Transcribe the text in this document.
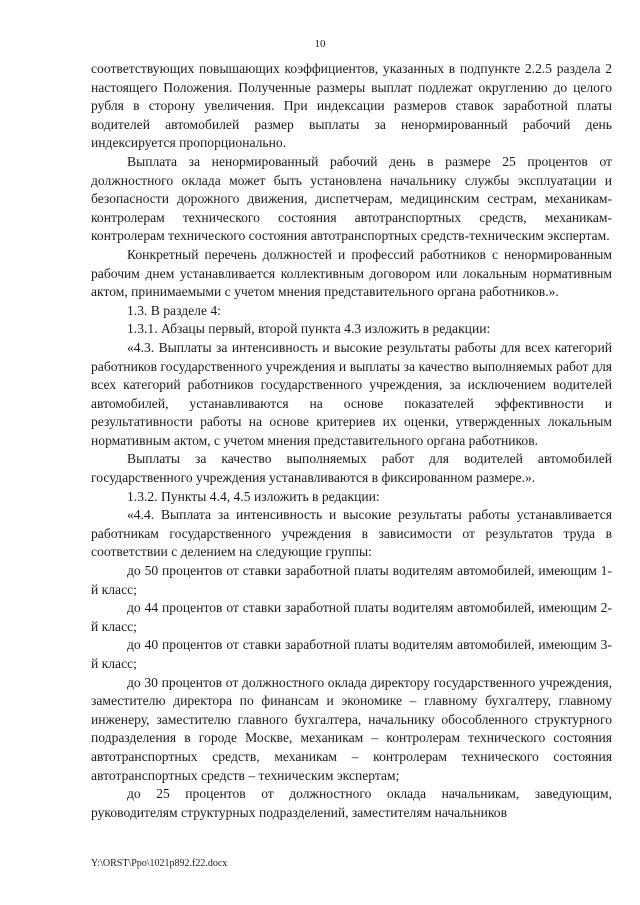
10

соответствующих повышающих коэффициентов, указанных в подпункте 2.2.5 раздела 2 настоящего Положения. Полученные размеры выплат подлежат округлению до целого рубля в сторону увеличения. При индексации размеров ставок заработной платы водителей автомобилей размер выплаты за ненормированный рабочий день индексируется пропорционально.

Выплата за ненормированный рабочий день в размере 25 процентов от должностного оклада может быть установлена начальнику службы эксплуатации и безопасности дорожного движения, диспетчерам, медицинским сестрам, механикам-контролерам технического состояния автотранспортных средств, механикам-контролерам технического состояния автотранспортных средств-техническим экспертам.

Конкретный перечень должностей и профессий работников с ненормированным рабочим днем устанавливается коллективным договором или локальным нормативным актом, принимаемыми с учетом мнения представительного органа работников.».

1.3. В разделе 4:

1.3.1. Абзацы первый, второй пункта 4.3 изложить в редакции:

«4.3. Выплаты за интенсивность и высокие результаты работы для всех категорий работников государственного учреждения и выплаты за качество выполняемых работ для всех категорий работников государственного учреждения, за исключением водителей автомобилей, устанавливаются на основе показателей эффективности и результативности работы на основе критериев их оценки, утвержденных локальным нормативным актом, с учетом мнения представительного органа работников.

Выплаты за качество выполняемых работ для водителей автомобилей государственного учреждения устанавливаются в фиксированном размере.».

1.3.2. Пункты 4.4, 4.5 изложить в редакции:

«4.4. Выплата за интенсивность и высокие результаты работы устанавливается работникам государственного учреждения в зависимости от результатов труда в соответствии с делением на следующие группы:

до 50 процентов от ставки заработной платы водителям автомобилей, имеющим 1-й класс;

до 44 процентов от ставки заработной платы водителям автомобилей, имеющим 2-й класс;

до 40 процентов от ставки заработной платы водителям автомобилей, имеющим 3-й класс;

до 30 процентов от должностного оклада директору государственного учреждения, заместителю директора по финансам и экономике – главному бухгалтеру, главному инженеру, заместителю главного бухгалтера, начальнику обособленного структурного подразделения в городе Москве, механикам – контролерам технического состояния автотранспортных средств, механикам – контролерам технического состояния автотранспортных средств – техническим экспертам;

до 25 процентов от должностного оклада начальникам, заведующим, руководителям структурных подразделений, заместителям начальников

Y:\ORST\Ppo\1021p892.f22.docx
